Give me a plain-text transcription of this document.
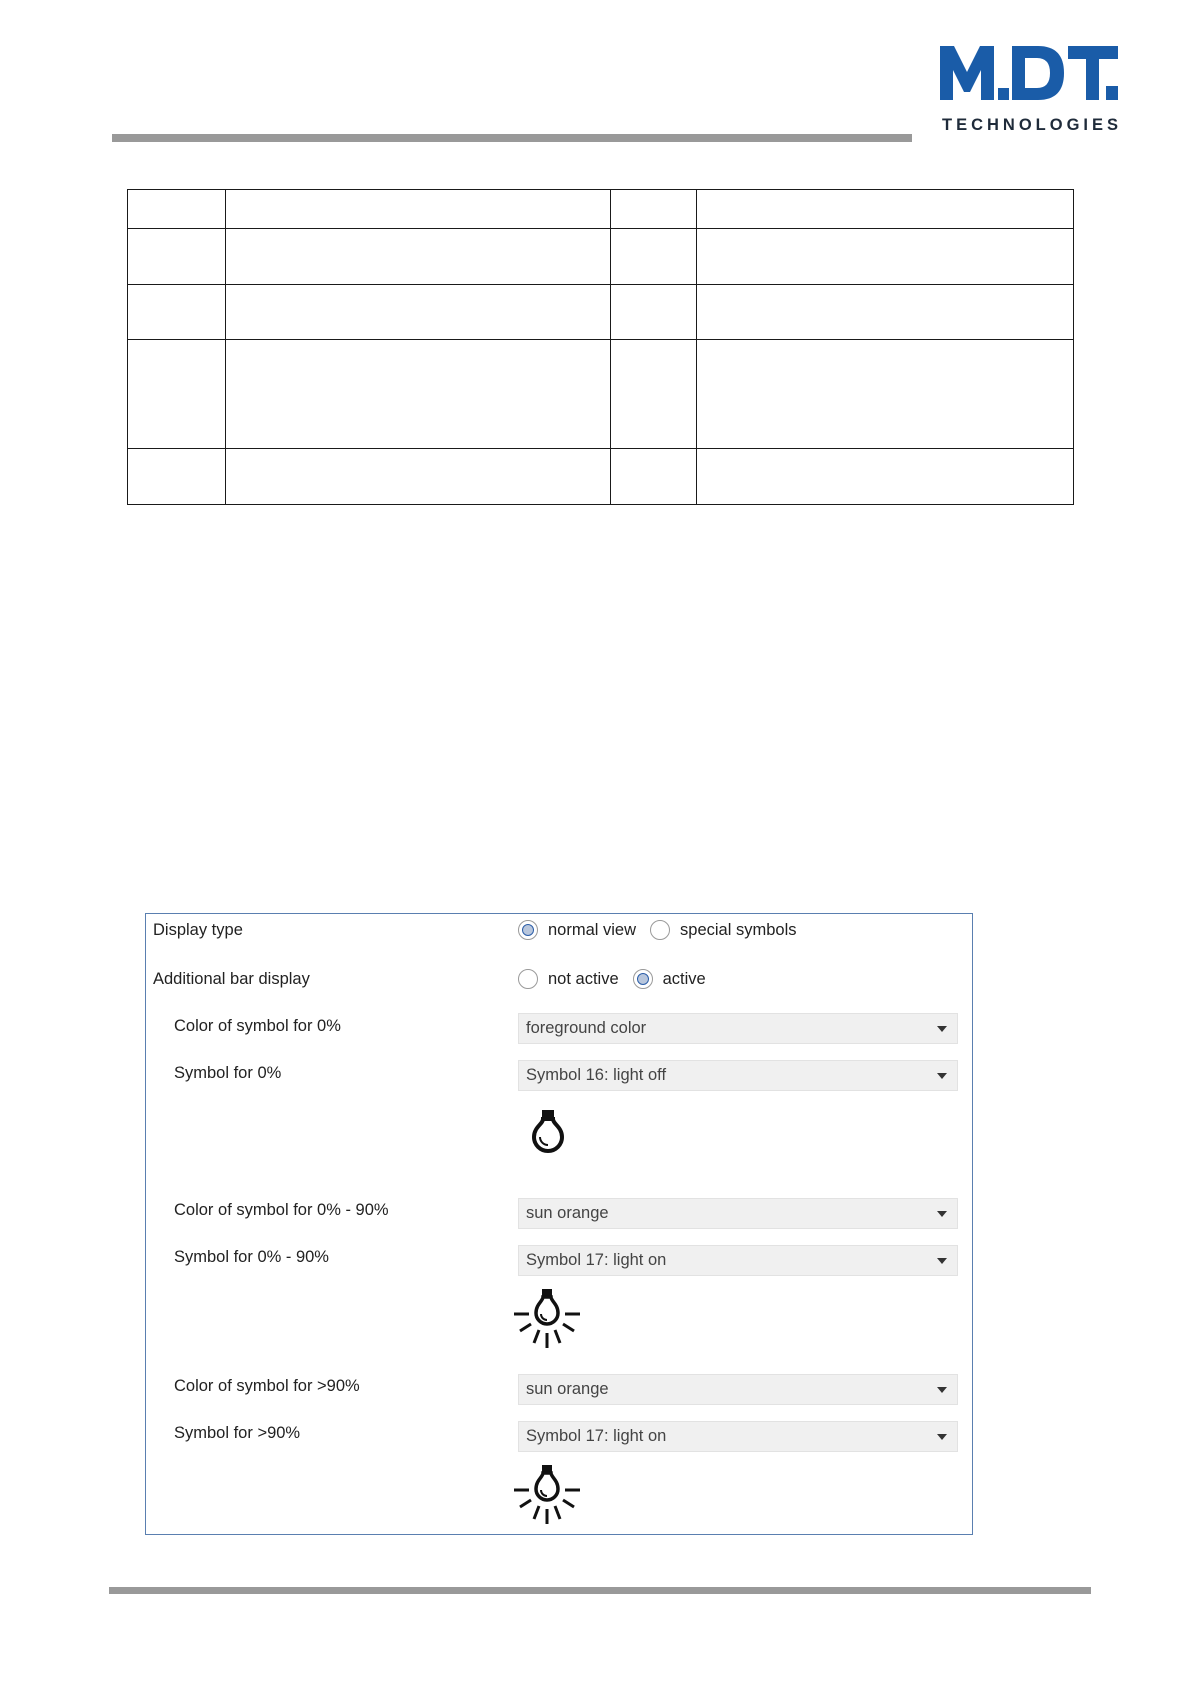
TECHNOLOGIES

Display type	normal view	special symbols
Additional bar display	not active	active
Color of symbol for 0%	foreground color
Symbol for 0%	Symbol 16: light off
Color of symbol for 0% - 90%	sun orange
Symbol for 0% - 90%	Symbol 17: light on
Color of symbol for >90%	sun orange
Symbol for >90%	Symbol 17: light on
